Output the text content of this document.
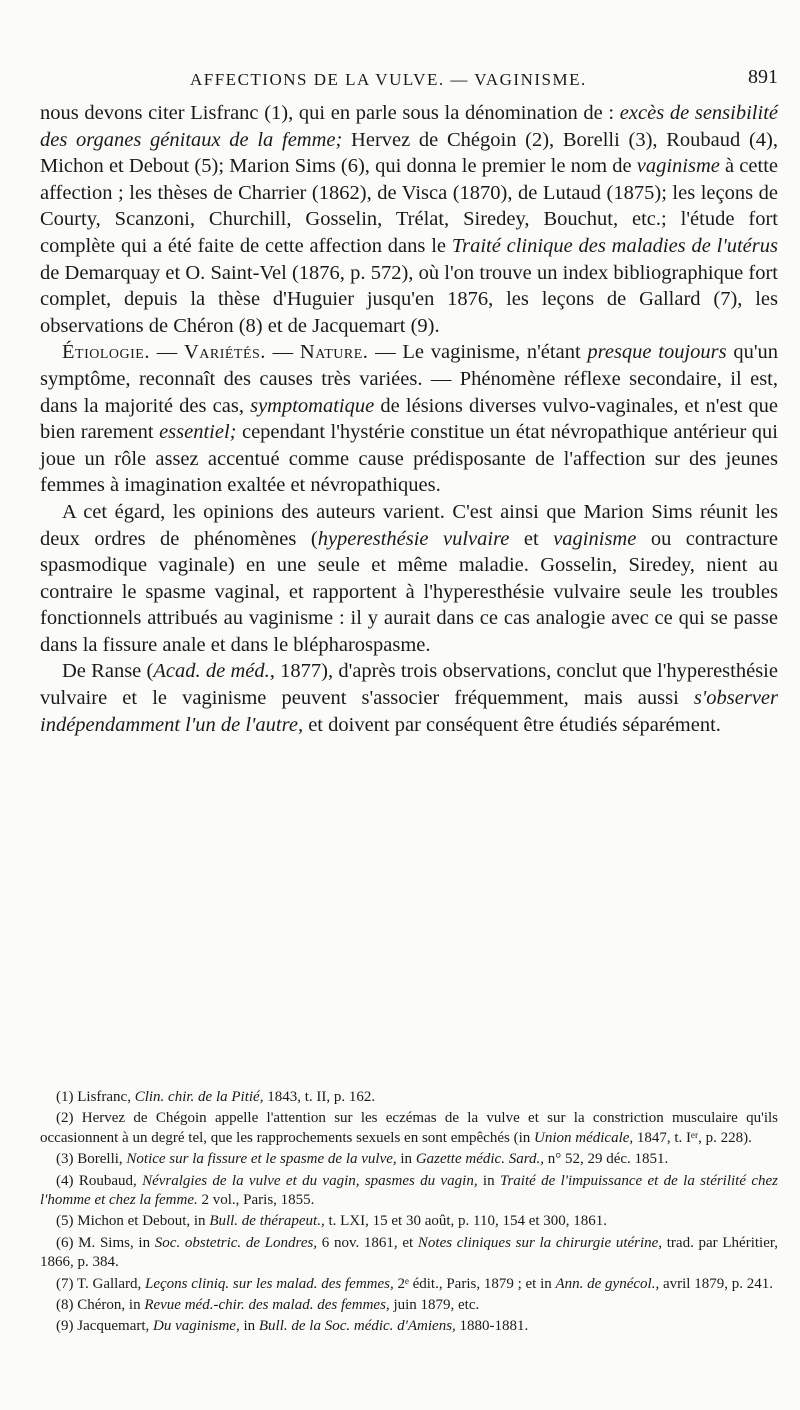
AFFECTIONS DE LA VULVE. — VAGINISME.	891

nous devons citer Lisfranc (1), qui en parle sous la dénomination de : excès de sensibilité des organes génitaux de la femme; Hervez de Chégoin (2), Borelli (3), Roubaud (4), Michon et Debout (5); Marion Sims (6), qui donna le premier le nom de vaginisme à cette affection ; les thèses de Charrier (1862), de Visca (1870), de Lutaud (1875); les leçons de Courty, Scanzoni, Churchill, Gosselin, Trélat, Siredey, Bouchut, etc.; l'étude fort complète qui a été faite de cette affection dans le Traité clinique des maladies de l'utérus de Demarquay et O. Saint-Vel (1876, p. 572), où l'on trouve un index bibliographique fort complet, depuis la thèse d'Huguier jusqu'en 1876, les leçons de Gallard (7), les observations de Chéron (8) et de Jacquemart (9).

Étiologie. — Variétés. — Nature. — Le vaginisme, n'étant presque toujours qu'un symptôme, reconnaît des causes très variées. — Phénomène réflexe secondaire, il est, dans la majorité des cas, symptomatique de lésions diverses vulvo-vaginales, et n'est que bien rarement essentiel; cependant l'hystérie constitue un état névropathique antérieur qui joue un rôle assez accentué comme cause prédisposante de l'affection sur des jeunes femmes à imagination exaltée et névropathiques.

A cet égard, les opinions des auteurs varient. C'est ainsi que Marion Sims réunit les deux ordres de phénomènes (hyperesthésie vulvaire et vaginisme ou contracture spasmodique vaginale) en une seule et même maladie. Gosselin, Siredey, nient au contraire le spasme vaginal, et rapportent à l'hyperesthésie vulvaire seule les troubles fonctionnels attribués au vaginisme : il y aurait dans ce cas analogie avec ce qui se passe dans la fissure anale et dans le blépharospasme.

De Ranse (Acad. de méd., 1877), d'après trois observations, conclut que l'hyperesthésie vulvaire et le vaginisme peuvent s'associer fréquemment, mais aussi s'observer indépendamment l'un de l'autre, et doivent par conséquent être étudiés séparément.

(1) Lisfranc, Clin. chir. de la Pitié, 1843, t. II, p. 162.

(2) Hervez de Chégoin appelle l'attention sur les eczémas de la vulve et sur la constriction musculaire qu'ils occasionnent à un degré tel, que les rapprochements sexuels en sont empêchés (in Union médicale, 1847, t. Iᵉʳ, p. 228).

(3) Borelli, Notice sur la fissure et le spasme de la vulve, in Gazette médic. Sard., n° 52, 29 déc. 1851.

(4) Roubaud, Névralgies de la vulve et du vagin, spasmes du vagin, in Traité de l'impuissance et de la stérilité chez l'homme et chez la femme. 2 vol., Paris, 1855.

(5) Michon et Debout, in Bull. de thérapeut., t. LXI, 15 et 30 août, p. 110, 154 et 300, 1861.

(6) M. Sims, in Soc. obstetric. de Londres, 6 nov. 1861, et Notes cliniques sur la chirurgie utérine, trad. par Lhéritier, 1866, p. 384.

(7) T. Gallard, Leçons cliniq. sur les malad. des femmes, 2ᵉ édit., Paris, 1879 ; et in Ann. de gynécol., avril 1879, p. 241.

(8) Chéron, in Revue méd.-chir. des malad. des femmes, juin 1879, etc.

(9) Jacquemart, Du vaginisme, in Bull. de la Soc. médic. d'Amiens, 1880-1881.
